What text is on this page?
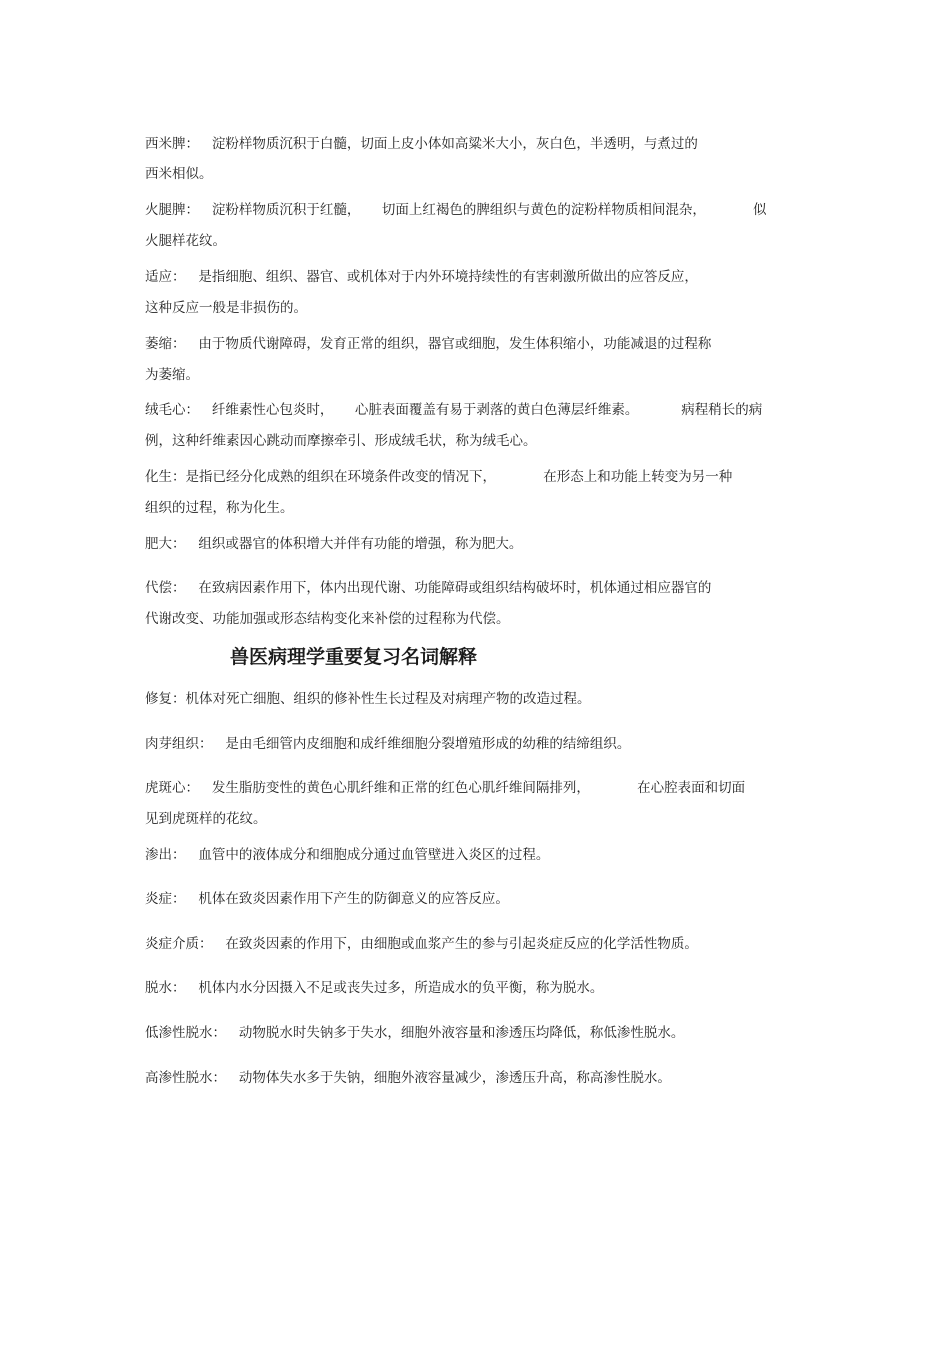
西米脾：   淀粉样物质沉积于白髓，切面上皮小体如高粱米大小，灰白色，半透明，与煮过的

西米相似。

火腿脾：   淀粉样物质沉积于红髓，     切面上红褐色的脾组织与黄色的淀粉样物质相间混杂，           似

火腿样花纹。

适应：   是指细胞、组织、器官、或机体对于内外环境持续性的有害刺激所做出的应答反应，

这种反应一般是非损伤的。

萎缩：   由于物质代谢障碍，发育正常的组织，器官或细胞，发生体积缩小，功能减退的过程称

为萎缩。

绒毛心：   纤维素性心包炎时，     心脏表面覆盖有易于剥落的黄白色薄层纤维素。          病程稍长的病

例，这种纤维素因心跳动而摩擦牵引、形成绒毛状，称为绒毛心。

化生：是指已经分化成熟的组织在环境条件改变的情况下，           在形态上和功能上转变为另一种

组织的过程，称为化生。

肥大：   组织或器官的体积增大并伴有功能的增强，称为肥大。

代偿：   在致病因素作用下，体内出现代谢、功能障碍或组织结构破坏时，机体通过相应器官的

代谢改变、功能加强或形态结构变化来补偿的过程称为代偿。

兽医病理学重要复习名词解释

修复：机体对死亡细胞、组织的修补性生长过程及对病理产物的改造过程。

肉芽组织：   是由毛细管内皮细胞和成纤维细胞分裂增殖形成的幼稚的结缔组织。

虎斑心：   发生脂肪变性的黄色心肌纤维和正常的红色心肌纤维间隔排列，           在心腔表面和切面

见到虎斑样的花纹。

渗出：   血管中的液体成分和细胞成分通过血管壁进入炎区的过程。

炎症：   机体在致炎因素作用下产生的防御意义的应答反应。

炎症介质：   在致炎因素的作用下，由细胞或血浆产生的参与引起炎症反应的化学活性物质。

脱水：   机体内水分因摄入不足或丧失过多，所造成水的负平衡，称为脱水。

低渗性脱水：   动物脱水时失钠多于失水，细胞外液容量和渗透压均降低，称低渗性脱水。

高渗性脱水：   动物体失水多于失钠，细胞外液容量减少，渗透压升高，称高渗性脱水。
